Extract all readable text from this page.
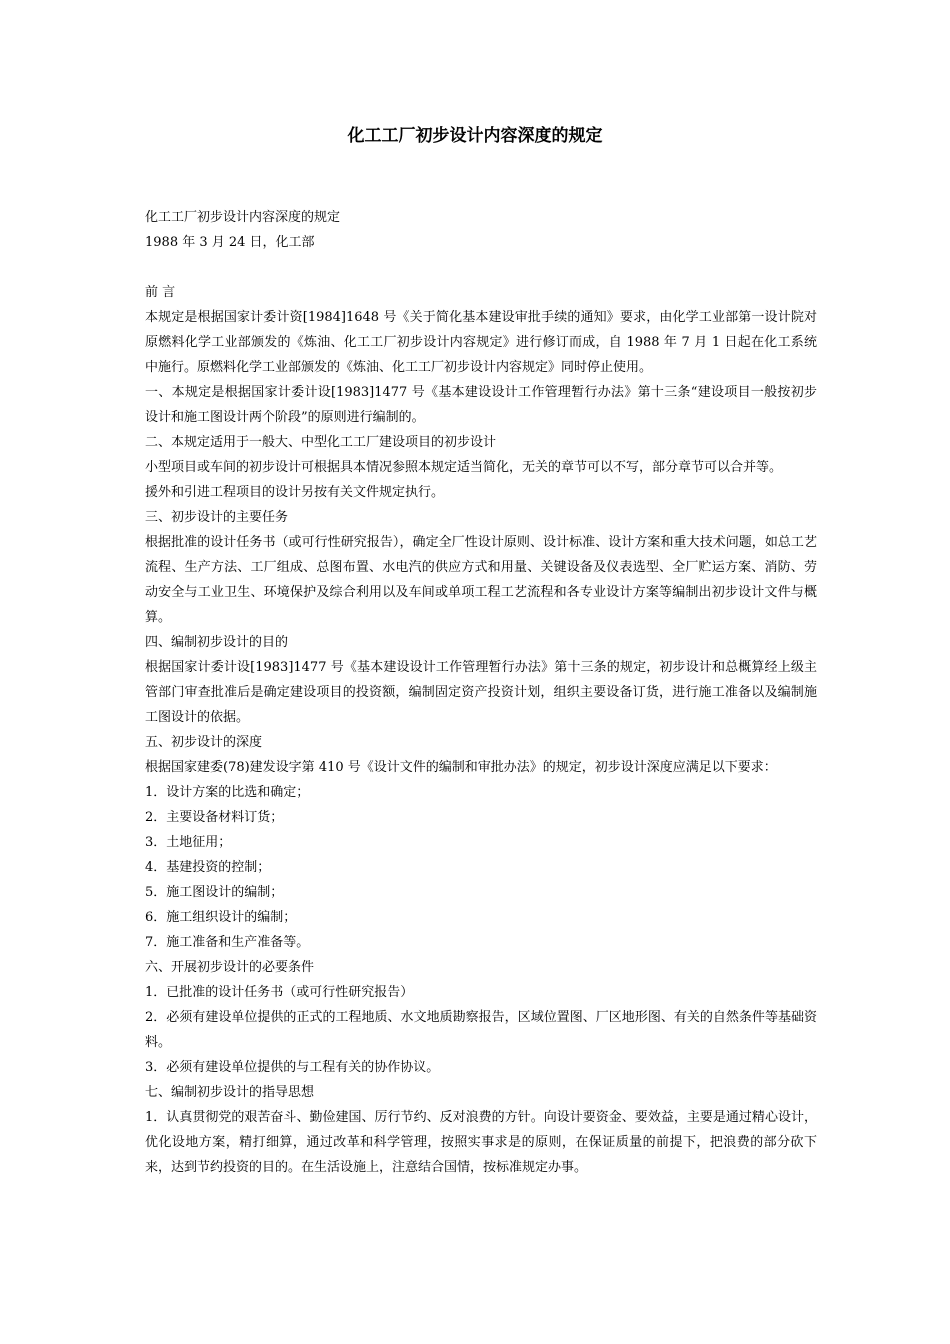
化工工厂初步设计内容深度的规定

化工工厂初步设计内容深度的规定

1988 年 3 月 24 日，化工部

前 言

本规定是根据国家计委计资[1984]1648 号《关于简化基本建设审批手续的通知》要求，由化学工业部第一设计院对原燃料化学工业部颁发的《炼油、化工工厂初步设计内容规定》进行修订而成，自 1988 年 7 月 1 日起在化工系统中施行。原燃料化学工业部颁发的《炼油、化工工厂初步设计内容规定》同时停止使用。

一、本规定是根据国家计委计设[1983]1477 号《基本建设设计工作管理暂行办法》第十三条“建设项目一般按初步设计和施工图设计两个阶段”的原则进行编制的。

二、本规定适用于一般大、中型化工工厂建设项目的初步设计

小型项目或车间的初步设计可根据具本情况参照本规定适当简化，无关的章节可以不写，部分章节可以合并等。

援外和引进工程项目的设计另按有关文件规定执行。

三、初步设计的主要任务

根据批准的设计任务书（或可行性研究报告），确定全厂性设计原则、设计标准、设计方案和重大技术问题，如总工艺流程、生产方法、工厂组成、总图布置、水电汽的供应方式和用量、关键设备及仪表选型、全厂贮运方案、消防、劳动安全与工业卫生、环境保护及综合利用以及车间或单项工程工艺流程和各专业设计方案等编制出初步设计文件与概算。

四、编制初步设计的目的

根据国家计委计设[1983]1477 号《基本建设设计工作管理暂行办法》第十三条的规定，初步设计和总概算经上级主管部门审查批准后是确定建设项目的投资额，编制固定资产投资计划，组织主要设备订货，进行施工准备以及编制施工图设计的依据。

五、初步设计的深度

根据国家建委(78)建发设字第 410 号《设计文件的编制和审批办法》的规定，初步设计深度应满足以下要求：

1．设计方案的比选和确定；

2．主要设备材料订货；

3．土地征用；

4．基建投资的控制；

5．施工图设计的编制；

6．施工组织设计的编制；

7．施工准备和生产准备等。

六、开展初步设计的必要条件

1．已批准的设计任务书（或可行性研究报告）

2．必须有建设单位提供的正式的工程地质、水文地质勘察报告，区域位置图、厂区地形图、有关的自然条件等基础资料。

3．必须有建设单位提供的与工程有关的协作协议。

七、编制初步设计的指导思想

1．认真贯彻党的艰苦奋斗、勤俭建国、厉行节约、反对浪费的方针。向设计要资金、要效益，主要是通过精心设计，优化设地方案，精打细算，通过改革和科学管理，按照实事求是的原则，在保证质量的前提下，把浪费的部分砍下来，达到节约投资的目的。在生活设施上，注意结合国情，按标准规定办事。
